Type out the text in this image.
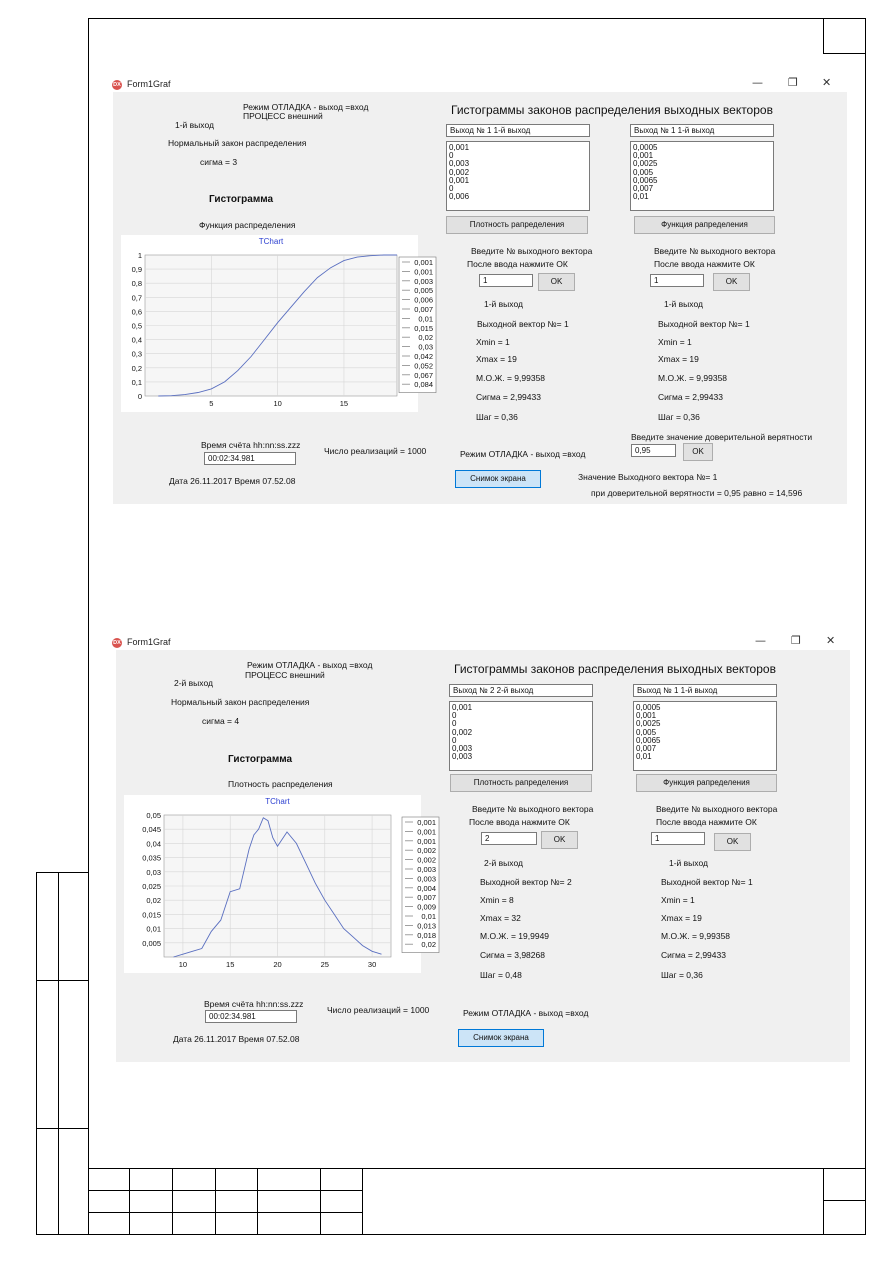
DX Form1Graf	— ❐ ✕
Режим ОТЛАДКА - выход =вход
ПРОЦЕСС внешний
1-й выход
Нормальный закон распределения
сигма = 3
Гистограмма
Функция распределения
TChart
0
0,1
0,2
0,3
0,4
0,5
0,6
0,7
0,8
0,9
1
5	10	15
0,001
0,001
0,003
0,005
0,006
0,007
0,01
0,015
0,02
0,03
0,042
0,052
0,067
0,084
Время счёта hh:nn:ss.zzz
00:02:34.981
Число реализаций = 1000
Дата 26.11.2017 Время 07.52.08
Гистограммы законов распределения выходных векторов
Выход № 1 1-й выход
0,001
0
0,003
0,002
0,001
0
0,006
Плотность рапределения
Введите № выходного вектора
После ввода нажмите ОК
1	OK
1-й выход
Выходной вектор №= 1
Xmin = 1
Xmax = 19
М.О.Ж. = 9,99358
Сигма = 2,99433
Шаг = 0,36
Выход № 1 1-й выход
0,0005
0,001
0,0025
0,005
0,0065
0,007
0,01
Функция рапределения
Введите № выходного вектора
После ввода нажмите ОК
1	OK
1-й выход
Выходной вектор №= 1
Xmin = 1
Xmax = 19
М.О.Ж. = 9,99358
Сигма = 2,99433
Шаг = 0,36
Введите значение доверительной верятности
0,95	OK
Режим ОТЛАДКА - выход =вход
Снимок экрана	Значение Выходного вектора №= 1
при доверительной верятности = 0,95 равно = 14,596
DX Form1Graf	— ❐ ✕
Режим ОТЛАДКА - выход =вход
ПРОЦЕСС внешний
2-й выход
Нормальный закон распределения
сигма = 4
Гистограмма
Плотность распределения
TChart
0,005
0,01
0,015
0,02
0,025
0,03
0,035
0,04
0,045
0,05
10	15	20	25	30
0,001
0,001
0,001
0,002
0,002
0,003
0,003
0,004
0,007
0,009
0,01
0,013
0,018
0,02
Время счёта hh:nn:ss.zzz
00:02:34.981
Число реализаций = 1000
Дата 26.11.2017 Время 07.52.08
Гистограммы законов распределения выходных векторов
Выход № 2 2-й выход
0,001
0
0
0,002
0
0,003
0,003
Плотность рапределения
Введите № выходного вектора
После ввода нажмите ОК
2	OK
2-й выход
Выходной вектор №= 2
Xmin = 8
Xmax = 32
М.О.Ж. = 19,9949
Сигма = 3,98268
Шаг = 0,48
Выход № 1 1-й выход
0,0005
0,001
0,0025
0,005
0,0065
0,007
0,01
Функция рапределения
Введите № выходного вектора
После ввода нажмите ОК
1	OK
1-й выход
Выходной вектор №= 1
Xmin = 1
Xmax = 19
М.О.Ж. = 9,99358
Сигма = 2,99433
Шаг = 0,36
Режим ОТЛАДКА - выход =вход
Снимок экрана
